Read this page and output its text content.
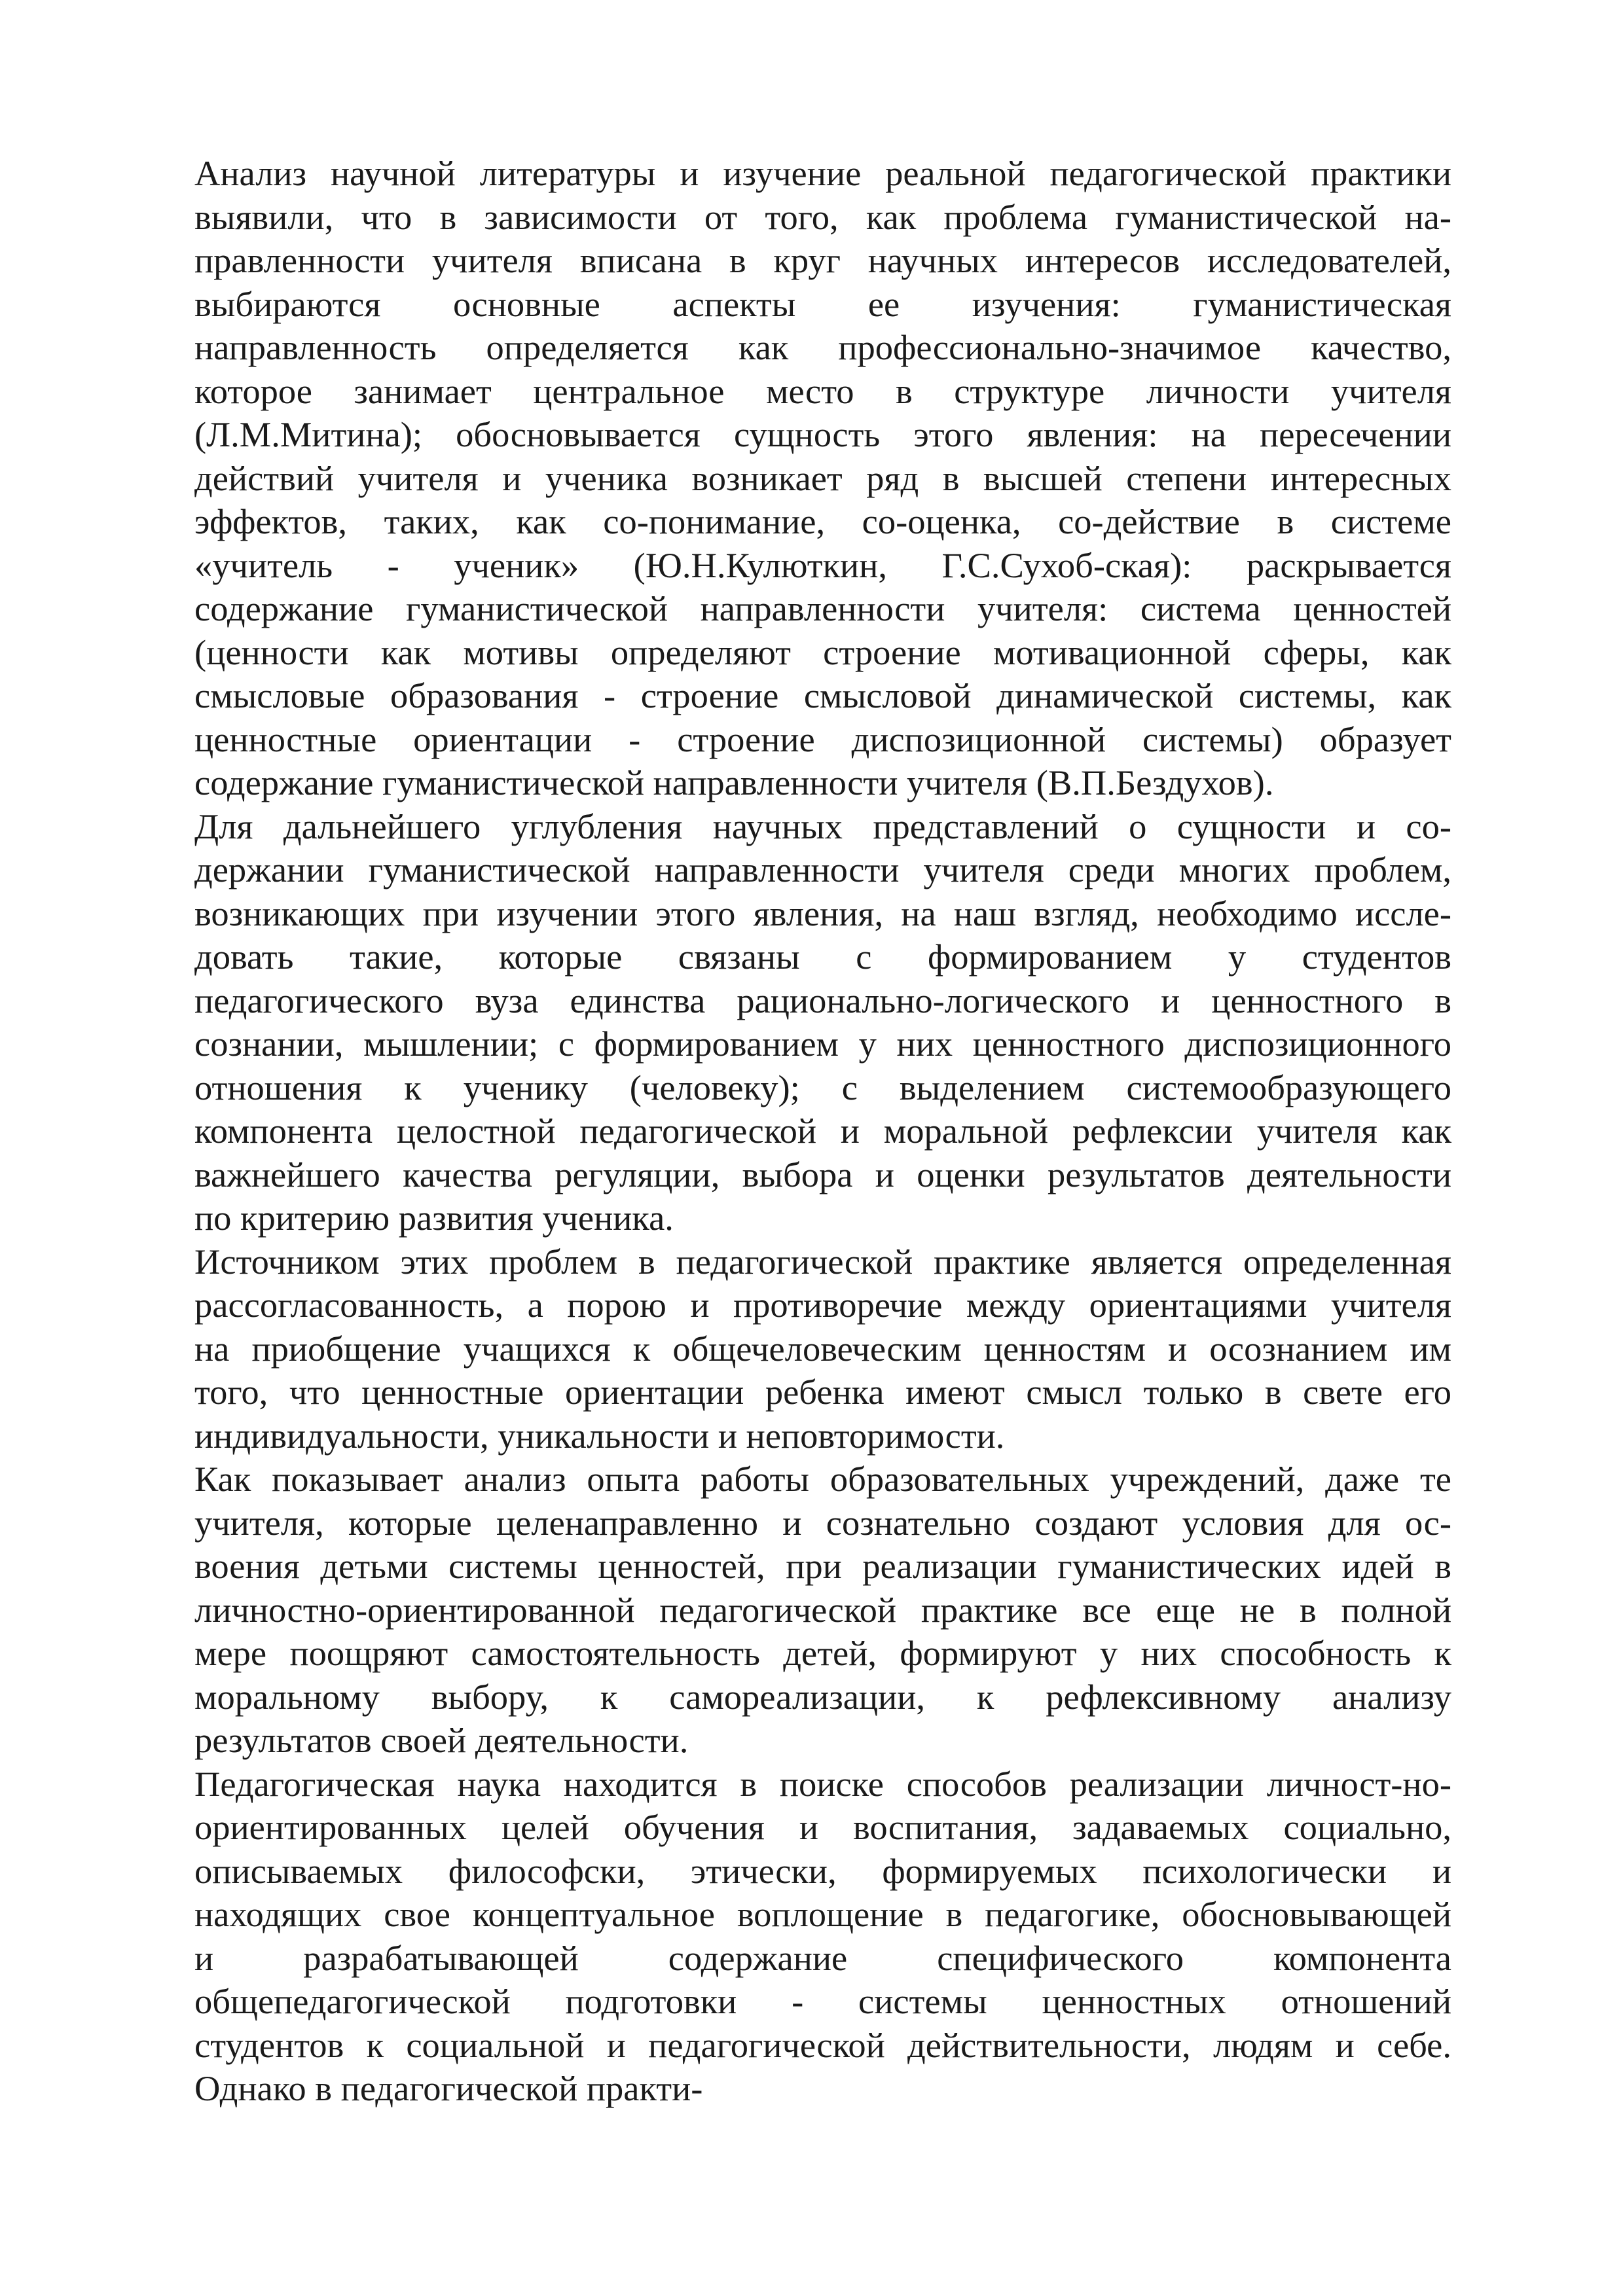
Анализ научной литературы и изучение реальной педагогической практики
выявили, что в зависимости от того, как проблема гуманистической на-
правленности учителя вписана в круг научных интересов исследователей,
выбираются основные аспекты ее изучения: гуманистическая
направленность определяется как профессионально-значимое качество,
которое занимает центральное место в структуре личности учителя
(Л.М.Митина); обосновывается сущность этого явления: на пересечении
действий учителя и ученика возникает ряд в высшей степени интересных
эффектов, таких, как со-понимание, со-оценка, со-действие в системе
«учитель - ученик» (Ю.Н.Кулюткин, Г.С.Сухоб-ская): раскрывается
содержание гуманистической направленности учителя: система ценностей
(ценности как мотивы определяют строение мотивационной сферы, как
смысловые образования - строение смысловой динамической системы, как
ценностные ориентации - строение диспозиционной системы) образует
содержание гуманистической направленности учителя (В.П.Бездухов).
Для дальнейшего углубления научных представлений о сущности и со-
держании гуманистической направленности учителя среди многих проблем,
возникающих при изучении этого явления, на наш взгляд, необходимо иссле-
довать такие, которые связаны с формированием у студентов
педагогического вуза единства рационально-логического и ценностного в
сознании, мышлении; с формированием у них ценностного диспозиционного
отношения к ученику (человеку); с выделением системообразующего
компонента целостной педагогической и моральной рефлексии учителя как
важнейшего качества регуляции, выбора и оценки результатов деятельности
по критерию развития ученика.
Источником этих проблем в педагогической практике является определенная
рассогласованность, а порою и противоречие между ориентациями учителя
на приобщение учащихся к общечеловеческим ценностям и осознанием им
того, что ценностные ориентации ребенка имеют смысл только в свете его
индивидуальности, уникальности и неповторимости.
Как показывает анализ опыта работы образовательных учреждений, даже те
учителя, которые целенаправленно и сознательно создают условия для ос-
воения детьми системы ценностей, при реализации гуманистических идей в
личностно-ориентированной педагогической практике все еще не в полной
мере поощряют самостоятельность детей, формируют у них способность к
моральному выбору, к самореализации, к рефлексивному анализу
результатов своей деятельности.
Педагогическая наука находится в поиске способов реализации личност-но-
ориентированных целей обучения и воспитания, задаваемых социально,
описываемых философски, этически, формируемых психологически и
находящих свое концептуальное воплощение в педагогике, обосновывающей
и разрабатывающей содержание специфического компонента
общепедагогической подготовки - системы ценностных отношений
студентов к социальной и педагогической действительности, людям и себе.
Однако в педагогической практи-
